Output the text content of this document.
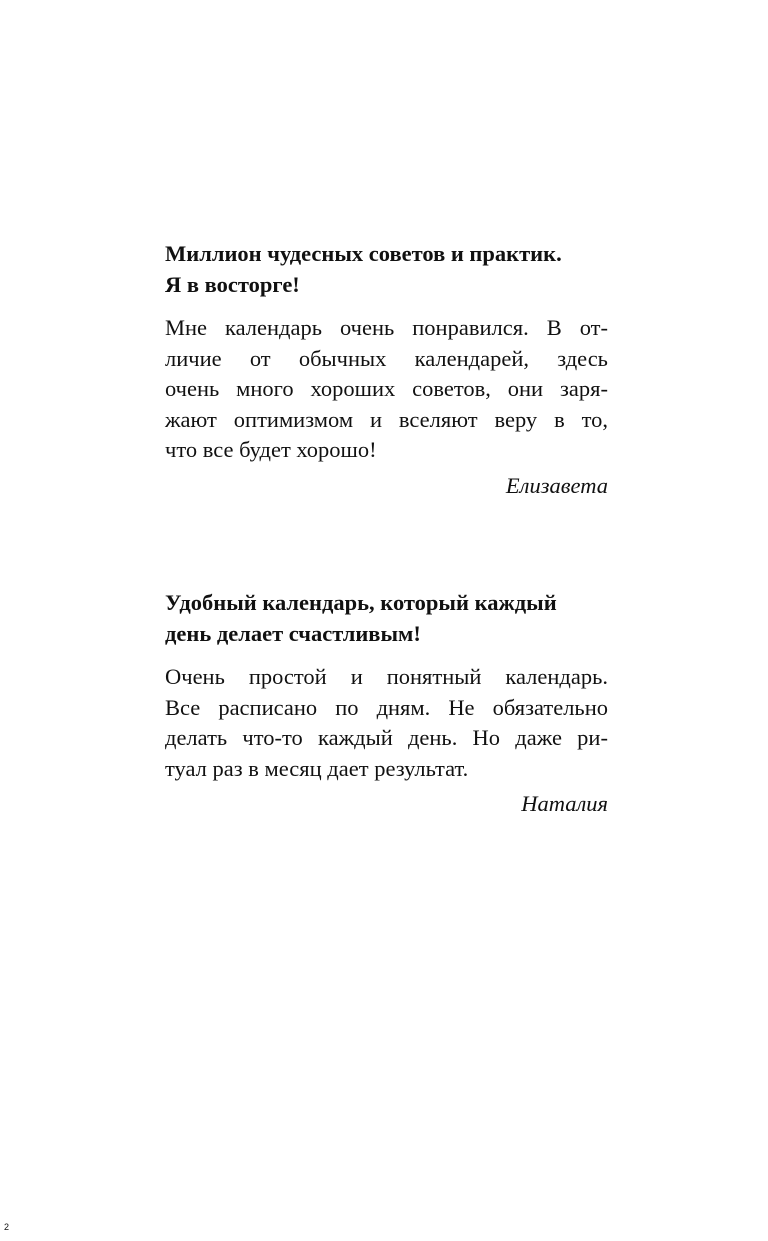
Миллион чудесных советов и практик.
Я в восторге!
Мне календарь очень понравился. В от-
личие от обычных календарей, здесь
очень много хороших советов, они заря-
жают оптимизмом и вселяют веру в то,
что все будет хорошо!

Елизавета

Удобный календарь, который каждый
день делает счастливым!
Очень простой и понятный календарь.
Все расписано по дням. Не обязательно
делать что-то каждый день. Но даже ри-
туал раз в месяц дает результат.

Наталия

2
